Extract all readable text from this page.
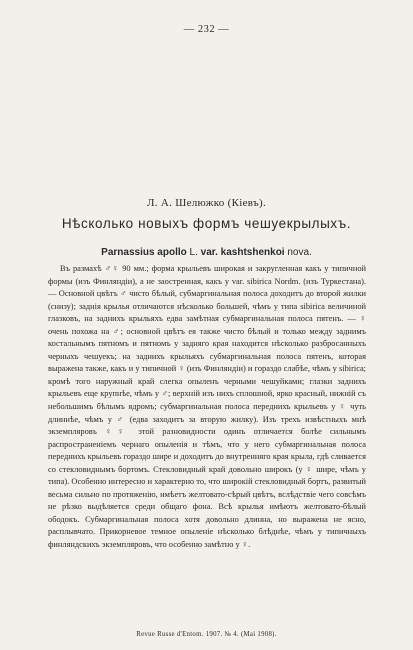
— 232 —
Л. А. Шелюжко (Кіевъ).
Нѣсколько новыхъ формъ чешуекрылыхъ.
Parnassius apollo L. var. kashtshenkoi nova.
Въ размахѣ ♂♀ 90 мм.; форма крыльевъ широкая и закругленная какъ у типичной формы (изъ Финляндіи), а не заостренная, какъ у var. sibirica Nordm. (изъ Туркестана). — Основной цвѣтъ ♂ чисто бѣлый, субмаргинальная полоса доходитъ до второй жилки (снизу); заднія крылья отличаются нѣсколько большей, чѣмъ у типа sibirica величиной глазковъ, на заднихъ крыльяхъ едва замѣтная субмаргинальная полоса пятенъ. — ♀ очень похожа на ♂; основной цвѣтъ ея также чисто бѣлый и только между заднимъ костальнымъ пятномъ и пятномъ у задняго края находится нѣсколько разбросанныхъ черныхъ чешуекъ; на заднихъ крыльяхъ субмаргинальная полоса пятенъ, которая выражена также, какъ и у типичной ♀ (изъ Финляндіи) и гораздо слабѣе, чѣмъ у sibirica; кромѣ того наружный край слегка опыленъ черными чешуйками; глазки заднихъ крыльевъ еще крупнѣе, чѣмъ у ♂; верхній изъ нихъ сплошной, ярко красный, нижній съ небольшимъ бѣлымъ ядромъ; субмаргинальная полоса переднихъ крыльевъ у ♀ чуть длиннѣе, чѣмъ у ♂ (едва заходитъ за вторую жилку). Изъ трехъ извѣстныхъ мнѣ экземпляровъ ♀♀ этой разновидности одинъ отличается болѣе сильнымъ распространеніемъ чернаго опыленія и тѣмъ, что у него субмаргинальная полоса переднихъ крыльевъ гораздо шире и доходитъ до внутренняго края крыла, гдѣ сливается со стекловиднымъ бортомъ. Стекловидный край довольно широкъ (у ♀ шире, чѣмъ у типа). Особенно интересно и характерно то, что широкій стекловидный бортъ, развитый весьма сильно по протяженію, имѣетъ желтовато-сѣрый цвѣтъ, вслѣдствіе чего совсѣмъ не рѣзко выдѣляется среди общаго фона. Всѣ крылья имѣютъ желтовато-бѣлый ободокъ. Субмаргинальная полоса хотя довольно длинна, но выражена не ясно, расплывчато. Прикорневое темное опыленіе нѣсколько блѣднѣе, чѣмъ у типичныхъ финляндскихъ экземпляровъ, что особенно замѣтно у ♀.
Revue Russe d'Entom. 1907. № 4. (Mai 1908).
